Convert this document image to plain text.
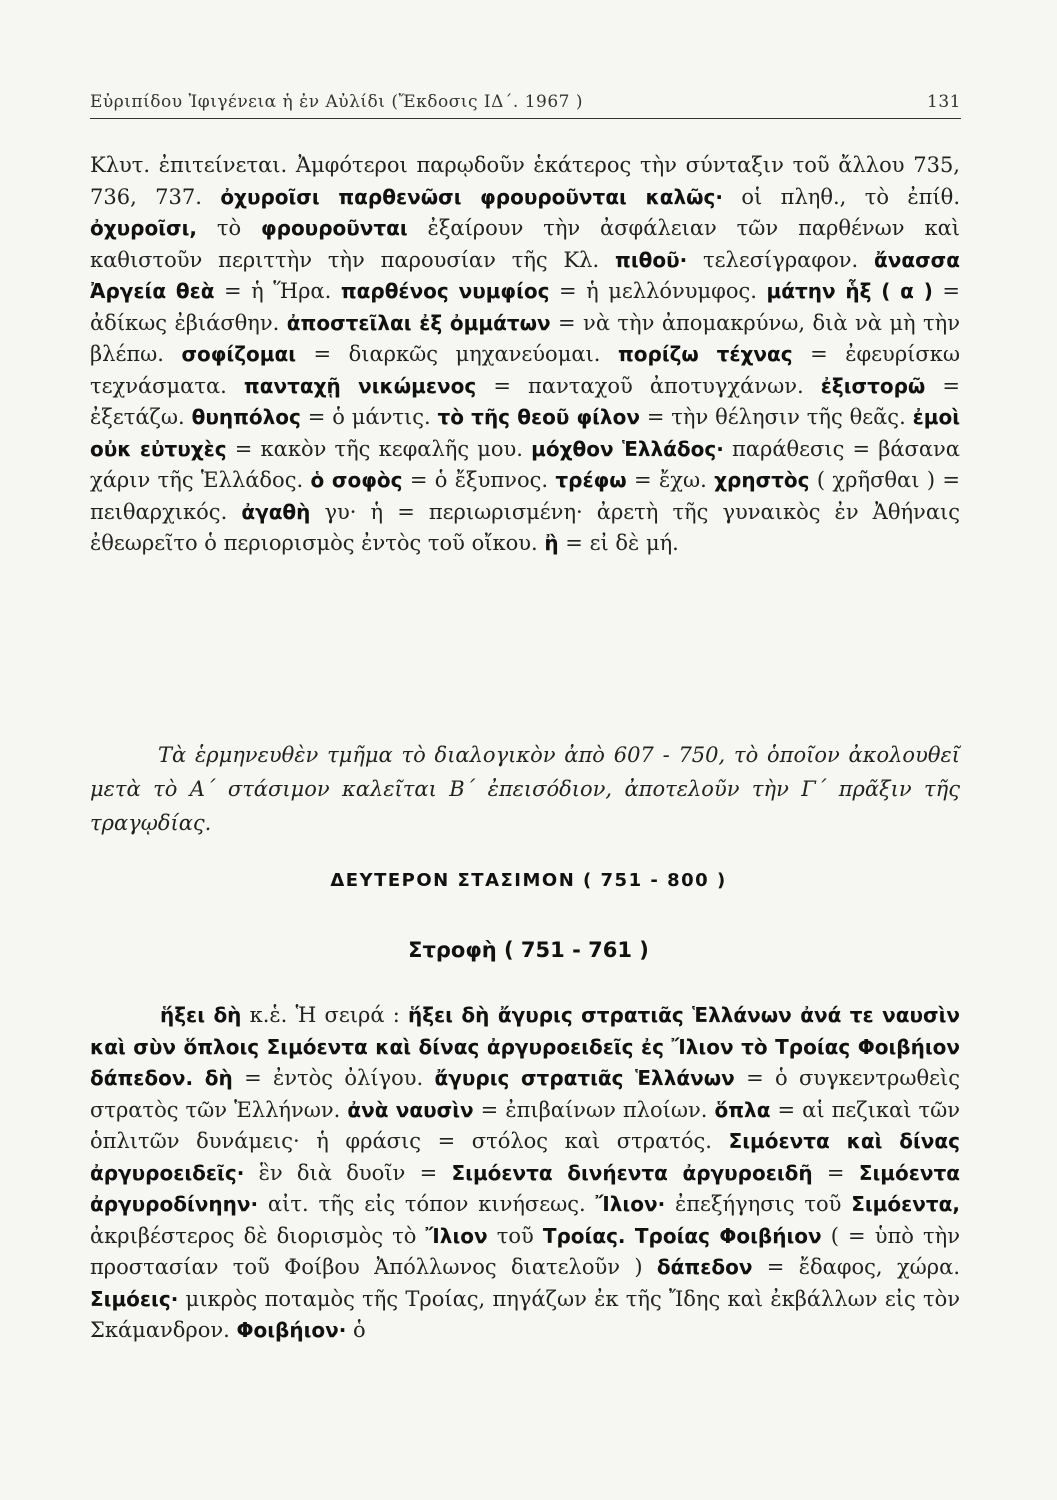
Εὐριπίδου Ἰφιγένεια ἡ ἐν Αὐλίδι (Ἔκδοσις ΙΔ΄. 1967 )	131

Κλυτ. ἐπιτείνεται. Ἀμφότεροι παρῳδοῦν ἑκάτερος τὴν σύνταξιν τοῦ ἄλλου 735, 736, 737. ὀχυροῖσι παρθενῶσι φρουροῦνται καλῶς· οἱ πληθ., τὸ ἐπίθ. ὀχυροῖσι, τὸ φρουροῦνται ἐξαίρουν τὴν ἀσφάλειαν τῶν παρθένων καὶ καθιστοῦν περιττὴν τὴν παρουσίαν τῆς Κλ. πιθοῦ· τελεσίγραφον. ἄνασσα Ἀργεία θεὰ = ἡ Ἥρα. παρθένος νυμφίος = ἡ μελλόνυμφος. μάτην ἧξ ( α ) = ἀδίκως ἐβιάσθην. ἀποστεῖλαι ἐξ ὀμμάτων = νὰ τὴν ἀπομακρύνω, διὰ νὰ μὴ τὴν βλέπω. σοφίζομαι = διαρκῶς μηχανεύομαι. πορίζω τέχνας = ἐφευρίσκω τεχνάσματα. πανταχῇ νικώμενος = πανταχοῦ ἀποτυγχάνων. ἐξιστορῶ = ἐξετάζω. θυηπόλος = ὁ μάντις. τὸ τῆς θεοῦ φίλον = τὴν θέλησιν τῆς θεᾶς. ἐμοὶ οὐκ εὐτυχὲς = κακὸν τῆς κεφαλῆς μου. μόχθον Ἑλλάδος· παράθεσις = βάσανα χάριν τῆς Ἑλλάδος. ὁ σοφὸς = ὁ ἔξυπνος. τρέφω = ἔχω. χρηστὸς ( χρῆσθαι ) = πειθαρχικός. ἀγαθὴ γυ· ἡ = περιωρισμένη· ἀρετὴ τῆς γυναικὸς ἐν Ἀθήναις ἐθεωρεῖτο ὁ περιορισμὸς ἐντὸς τοῦ οἴκου. ἢ = εἰ δὲ μή.

Τὰ ἑρμηνευθὲν τμῆμα τὸ διαλογικὸν ἀπὸ 607 - 750, τὸ ὁποῖον ἀκολουθεῖ μετὰ τὸ Α΄ στάσιμον καλεῖται Β΄ ἐπεισόδιον, ἀποτελοῦν τὴν Γ΄ πρᾶξιν τῆς τραγῳδίας.

ΔΕΥΤΕΡΟΝ ΣΤΑΣΙΜΟΝ ( 751 - 800 )
Στροφὴ ( 751 - 761 )

ἥξει δὴ κ.ἑ. Ἡ σειρά : ἥξει δὴ ἄγυρις στρατιᾶς Ἑλλάνων ἀνά τε ναυσὶν καὶ σὺν ὅπλοις Σιμόεντα καὶ δίνας ἀργυροειδεῖς ἐς Ἴλιον τὸ Τροίας Φοιβήιον δάπεδον. δὴ = ἐντὸς ὀλίγου. ἄγυρις στρατιᾶς Ἑλλάνων = ὁ συγκεντρωθεὶς στρατὸς τῶν Ἑλλήνων. ἀνὰ ναυσὶν = ἐπιβαίνων πλοίων. ὅπλα = αἱ πεζικαὶ τῶν ὁπλιτῶν δυνάμεις· ἡ φράσις = στόλος καὶ στρατός. Σιμόεντα καὶ δίνας ἀργυροειδεῖς· ἓν διὰ δυοῖν = Σιμόεντα δινήεντα ἀργυροειδῆ = Σιμόεντα ἀργυροδίνηην· αἰτ. τῆς εἰς τόπον κινήσεως. Ἴλιον· ἐπεξήγησις τοῦ Σιμόεντα, ἀκριβέστερος δὲ διορισμὸς τὸ Ἴλιον τοῦ Τροίας. Τροίας Φοιβήιον ( = ὑπὸ τὴν προστασίαν τοῦ Φοίβου Ἀπόλλωνος διατελοῦν ) δάπεδον = ἔδαφος, χώρα. Σιμόεις· μικρὸς ποταμὸς τῆς Τροίας, πηγάζων ἐκ τῆς Ἴδης καὶ ἐκβάλλων εἰς τὸν Σκάμανδρον. Φοιβήιον· ὁ
